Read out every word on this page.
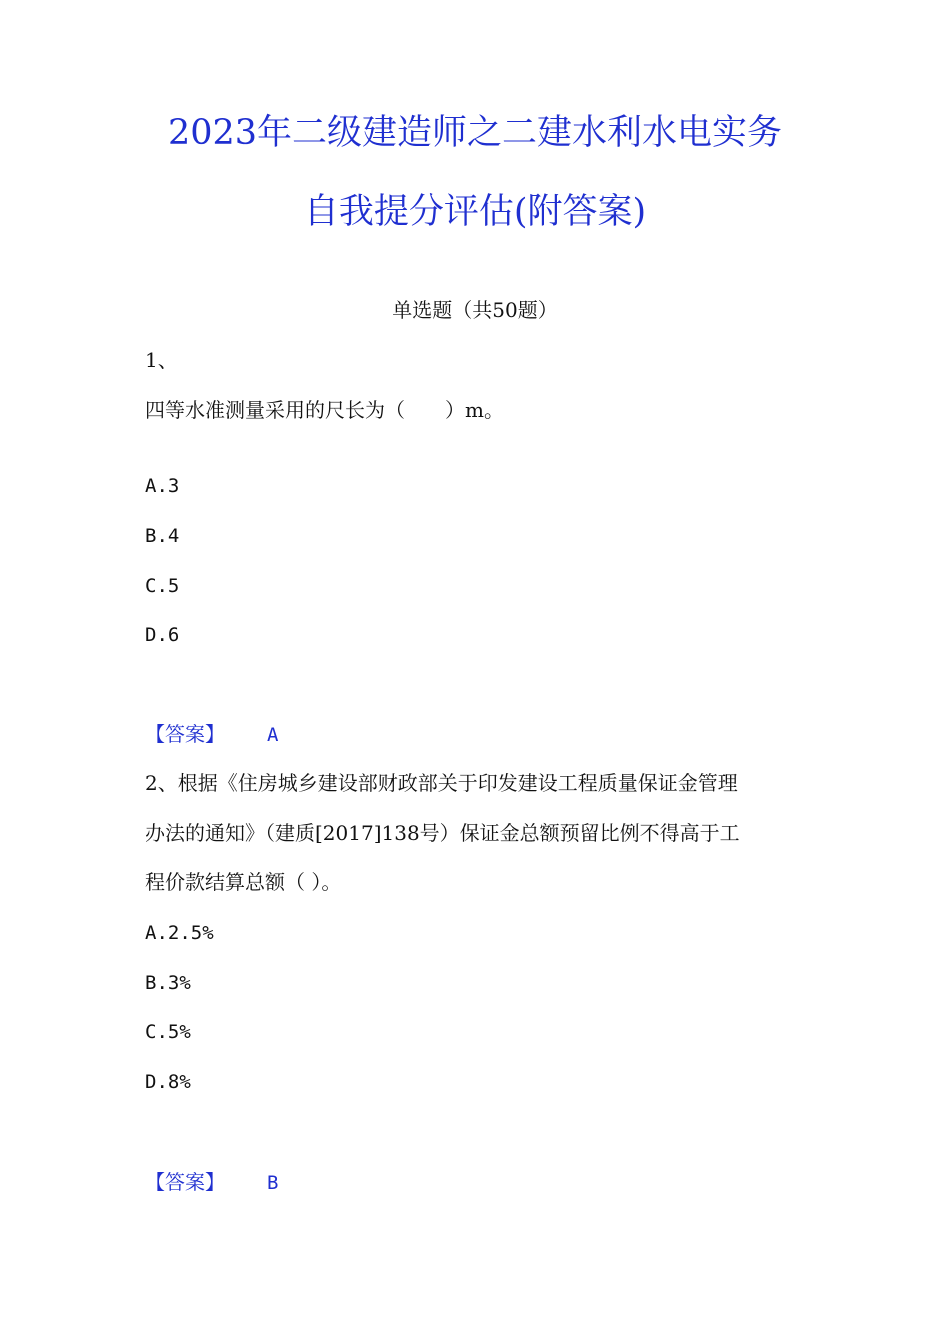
2023年二级建造师之二建水利水电实务
自我提分评估(附答案)
单选题（共50题）

1、

四等水准测量采用的尺长为（　　）m。

A.3

B.4

C.5

D.6

【答案】 A

2、根据《住房城乡建设部财政部关于印发建设工程质量保证金管理

办法的通知》（建质[2017]138号）保证金总额预留比例不得高于工

程价款结算总额（ ）。

A.2.5%

B.3%

C.5%

D.8%

【答案】 B
